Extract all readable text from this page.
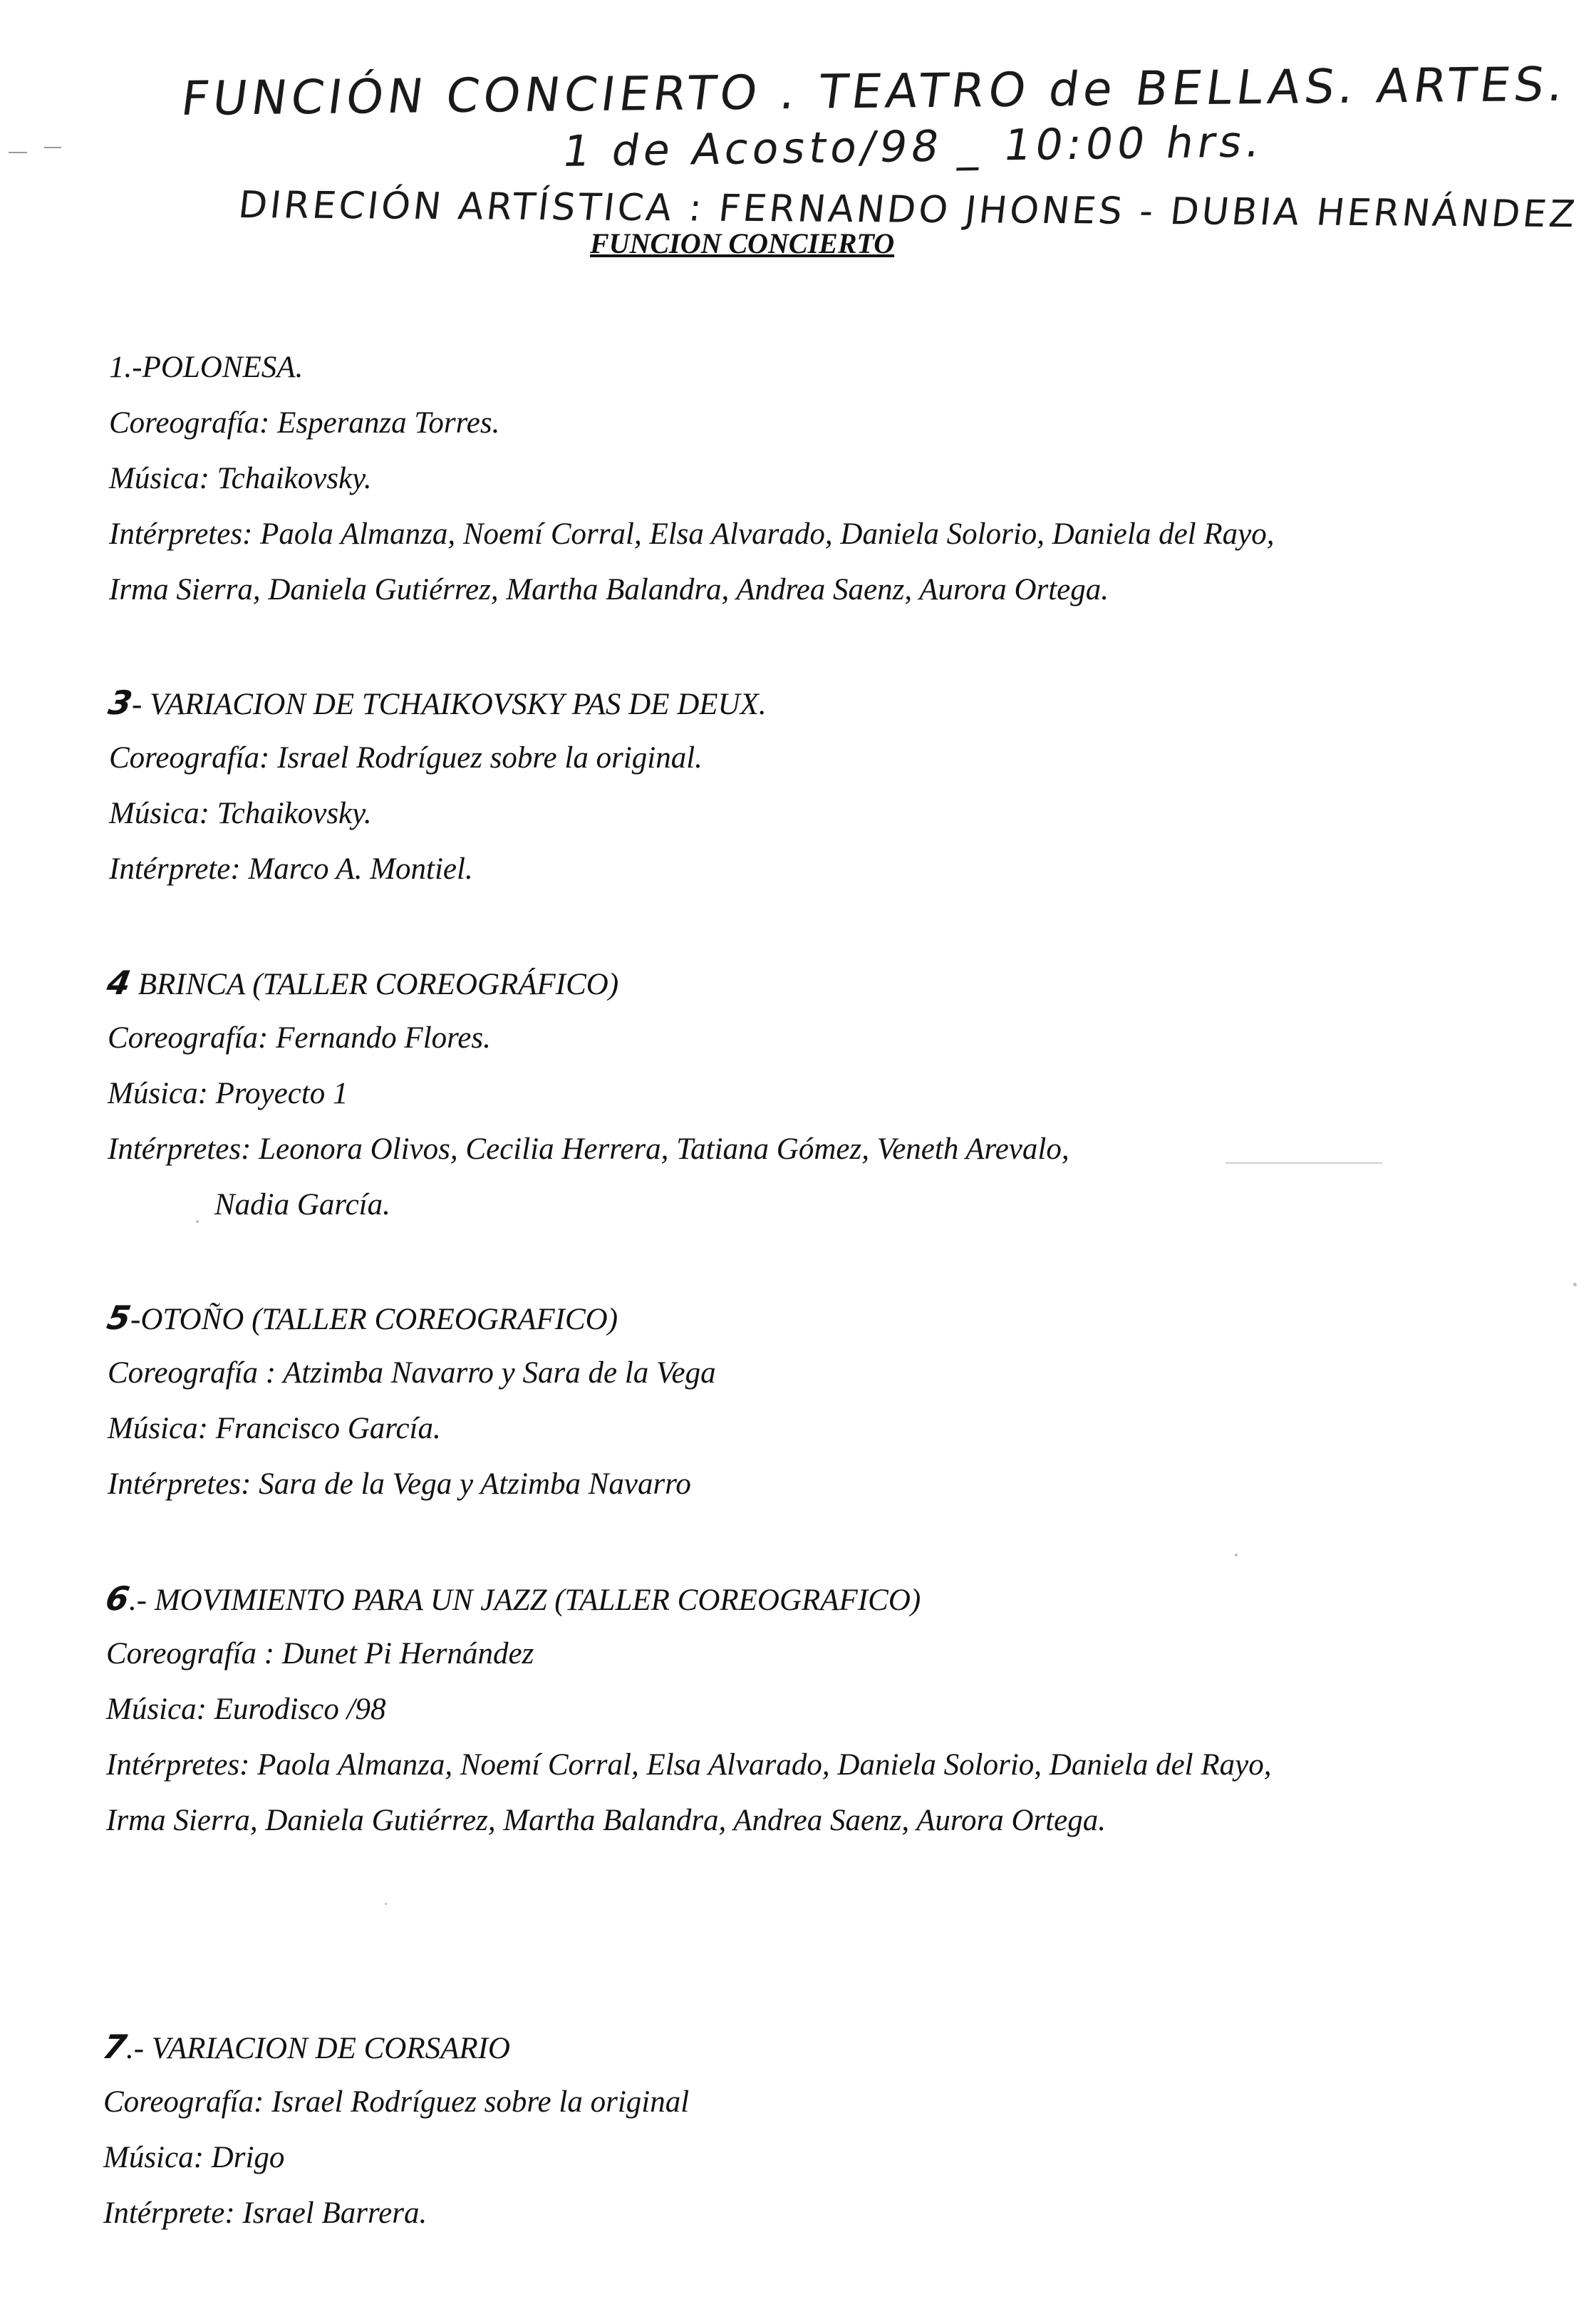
FUNCIÓN CONCIERTO . TEATRO de BELLAS. ARTES.
1 de Acosto/98 _ 10:00 hrs.
DIRECIÓN ARTÍSTICA : FERNANDO JHONES - DUBIA HERNÁNDEZ
FUNCION CONCIERTO
1.-POLONESA.
Coreografía: Esperanza Torres.
Música: Tchaikovsky.
Intérpretes: Paola Almanza, Noemí Corral, Elsa Alvarado, Daniela Solorio, Daniela del Rayo,
Irma Sierra, Daniela Gutiérrez, Martha Balandra, Andrea Saenz, Aurora Ortega.
3- VARIACION DE TCHAIKOVSKY PAS DE DEUX.
Coreografía: Israel Rodríguez sobre la original.
Música: Tchaikovsky.
Intérprete: Marco A. Montiel.
4 BRINCA (TALLER COREOGRÁFICO)
Coreografía: Fernando Flores.
Música: Proyecto 1
Intérpretes: Leonora Olivos, Cecilia Herrera, Tatiana Gómez, Veneth Arevalo,
Nadia García.
5-OTOÑO (TALLER COREOGRAFICO)
Coreografía : Atzimba Navarro y Sara de la Vega
Música: Francisco García.
Intérpretes: Sara de la Vega y Atzimba Navarro
6.- MOVIMIENTO PARA UN JAZZ (TALLER COREOGRAFICO)
Coreografía : Dunet Pi Hernández
Música: Eurodisco /98
Intérpretes: Paola Almanza, Noemí Corral, Elsa Alvarado, Daniela Solorio, Daniela del Rayo,
Irma Sierra, Daniela Gutiérrez, Martha Balandra, Andrea Saenz, Aurora Ortega.
7.- VARIACION DE CORSARIO
Coreografía: Israel Rodríguez sobre la original
Música: Drigo
Intérprete: Israel Barrera.
